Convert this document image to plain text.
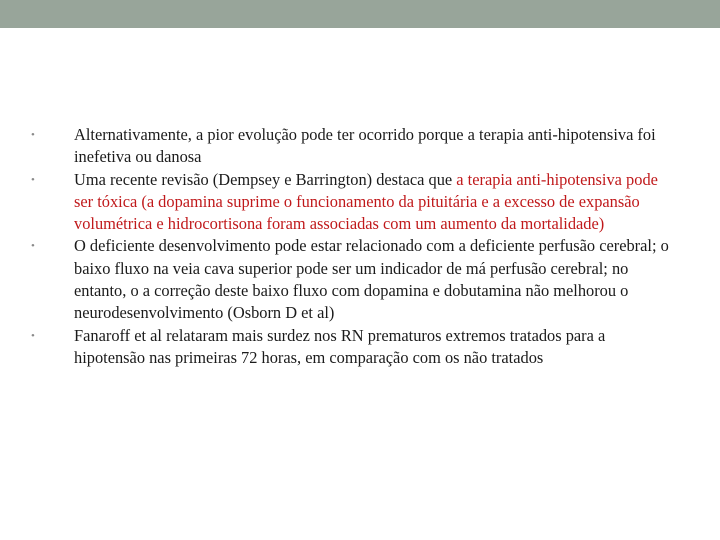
• Alternativamente, a pior evolução pode ter ocorrido porque a terapia anti-hipotensiva foi inefetiva ou danosa
• Uma recente revisão (Dempsey e Barrington) destaca que a terapia anti-hipotensiva pode ser tóxica (a dopamina suprime o funcionamento da pituitária e a excesso de expansão volumétrica e hidrocortisona foram associadas com um aumento da mortalidade)
• O deficiente desenvolvimento pode estar relacionado com a deficiente perfusão cerebral; o baixo fluxo na veia cava superior pode ser um indicador de má perfusão cerebral; no entanto, o a correção deste baixo fluxo com dopamina e dobutamina não melhorou o neurodesenvolvimento (Osborn D et al)
• Fanaroff et al relataram mais surdez nos RN prematuros extremos tratados para a hipotensão nas primeiras 72 horas, em comparação com os não tratados
